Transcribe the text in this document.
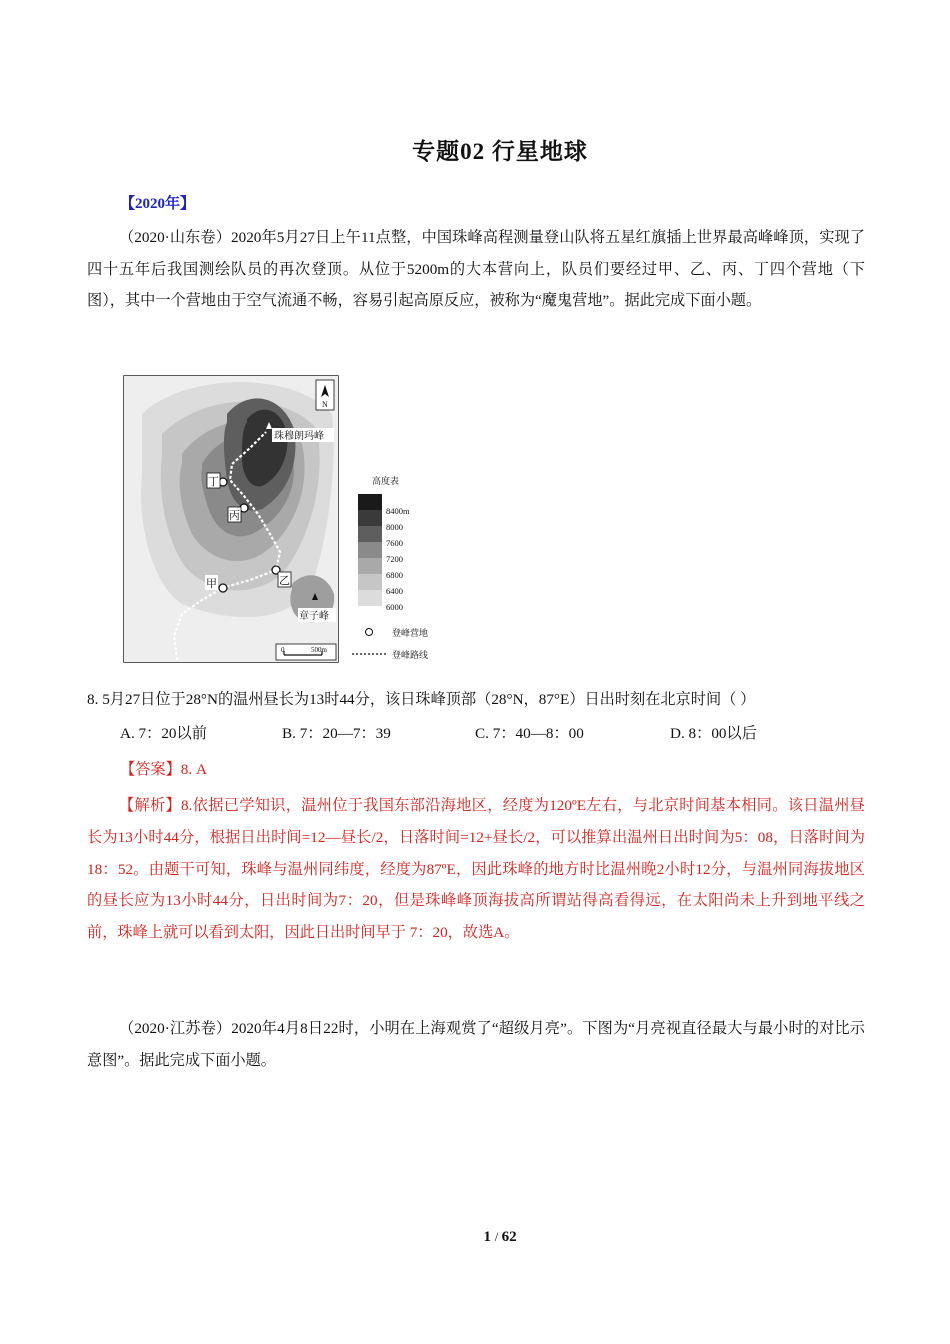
专题02 行星地球
【2020年】
（2020·山东卷）2020年5月27日上午11点整，中国珠峰高程测量登山队将五星红旗插上世界最高峰峰顶，实现了四十五年后我国测绘队员的再次登顶。从位于5200m的大本营向上，队员们要经过甲、乙、丙、丁四个营地（下图），其中一个营地由于空气流通不畅，容易引起高原反应，被称为“魔鬼营地”。据此完成下面小题。
珠穆朗玛峰
丁
丙
乙
甲
章子峰
N
0	500m
高度表
8400m
8000
7600
7200
6800
6400
6000
登峰营地
登峰路线
8. 5月27日位于28°N的温州昼长为13时44分，该日珠峰顶部（28°N，87°E）日出时刻在北京时间（ ）
A. 7：20以前	B. 7：20—7：39	C. 7：40—8：00	D. 8：00以后
【答案】8. A
【解析】8.依据已学知识，温州位于我国东部沿海地区，经度为120ºE左右，与北京时间基本相同。该日温州昼长为13小时44分，根据日出时间=12—昼长/2，日落时间=12+昼长/2，可以推算出温州日出时间为5：08，日落时间为18：52。由题干可知，珠峰与温州同纬度，经度为87ºE，因此珠峰的地方时比温州晚2小时12分，与温州同海拔地区的昼长应为13小时44分，日出时间为7：20，但是珠峰峰顶海拔高所谓站得高看得远，在太阳尚未上升到地平线之前，珠峰上就可以看到太阳，因此日出时间早于 7：20，故选A。
（2020·江苏卷）2020年4月8日22时，小明在上海观赏了“超级月亮”。下图为“月亮视直径最大与最小时的对比示意图”。据此完成下面小题。
1 / 62
